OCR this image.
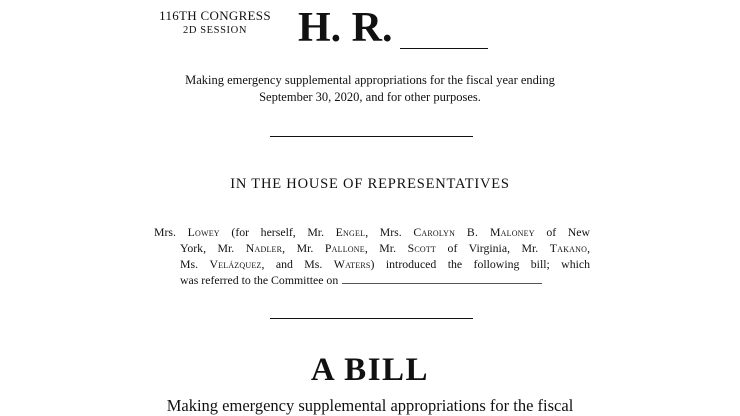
116TH CONGRESS
2D SESSION	H. R.
Making emergency supplemental appropriations for the fiscal year ending
September 30, 2020, and for other purposes.
IN THE HOUSE OF REPRESENTATIVES
Mrs. Lowey (for herself, Mr. Engel, Mrs. Carolyn B. Maloney of New
York, Mr. Nadler, Mr. Pallone, Mr. Scott of Virginia, Mr. Takano,
Ms. Velázquez, and Ms. Waters) introduced the following bill; which
was referred to the Committee on
A BILL
Making emergency supplemental appropriations for the fiscal
